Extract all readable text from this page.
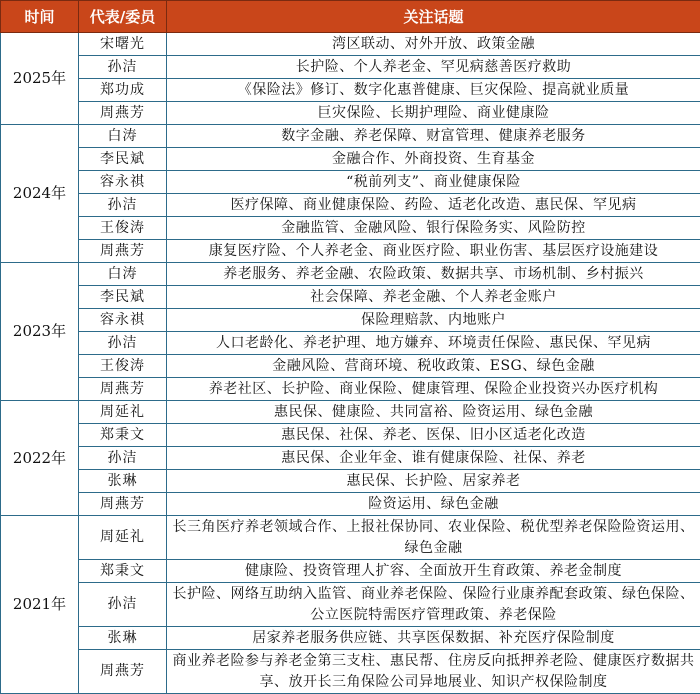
时间	代表/委员	关注话题
2025年	宋曙光	湾区联动、对外开放、政策金融
	孙洁	长护险、个人养老金、罕见病慈善医疗救助
	郑功成	《保险法》修订、数字化惠普健康、巨灾保险、提高就业质量
	周燕芳	巨灾保险、长期护理险、商业健康险
2024年	白涛	数字金融、养老保障、财富管理、健康养老服务
	李民斌	金融合作、外商投资、生育基金
	容永祺	“税前列支”、商业健康保险
	孙洁	医疗保障、商业健康保险、药险、适老化改造、惠民保、罕见病
	王俊涛	金融监管、金融风险、银行保险务实、风险防控
	周燕芳	康复医疗险、个人养老金、商业医疗险、职业伤害、基层医疗设施建设
2023年	白涛	养老服务、养老金融、农险政策、数据共享、市场机制、乡村振兴
	李民斌	社会保障、养老金融、个人养老金账户
	容永祺	保险理赔款、内地账户
	孙洁	人口老龄化、养老护理、地方嫌弃、环境责任保险、惠民保、罕见病
	王俊涛	金融风险、营商环境、税收政策、ESG、绿色金融
	周燕芳	养老社区、长护险、商业保险、健康管理、保险企业投资兴办医疗机构
2022年	周延礼	惠民保、健康险、共同富裕、险资运用、绿色金融
	郑秉文	惠民保、社保、养老、医保、旧小区适老化改造
	孙洁	惠民保、企业年金、谁有健康保险、社保、养老
	张琳	惠民保、长护险、居家养老
	周燕芳	险资运用、绿色金融
2021年	周延礼	长三角医疗养老领域合作、上报社保协同、农业保险、税优型养老保险险资运用、绿色金融
	郑秉文	健康险、投资管理人扩容、全面放开生育政策、养老金制度
	孙洁	长护险、网络互助纳入监管、商业养老保险、保险行业康养配套政策、绿色保险、公立医院特需医疗管理政策、养老保险
	张琳	居家养老服务供应链、共享医保数据、补充医疗保险制度
	周燕芳	商业养老险参与养老金第三支柱、惠民帮、住房反向抵押养老险、健康医疗数据共享、放开长三角保险公司异地展业、知识产权保险制度
